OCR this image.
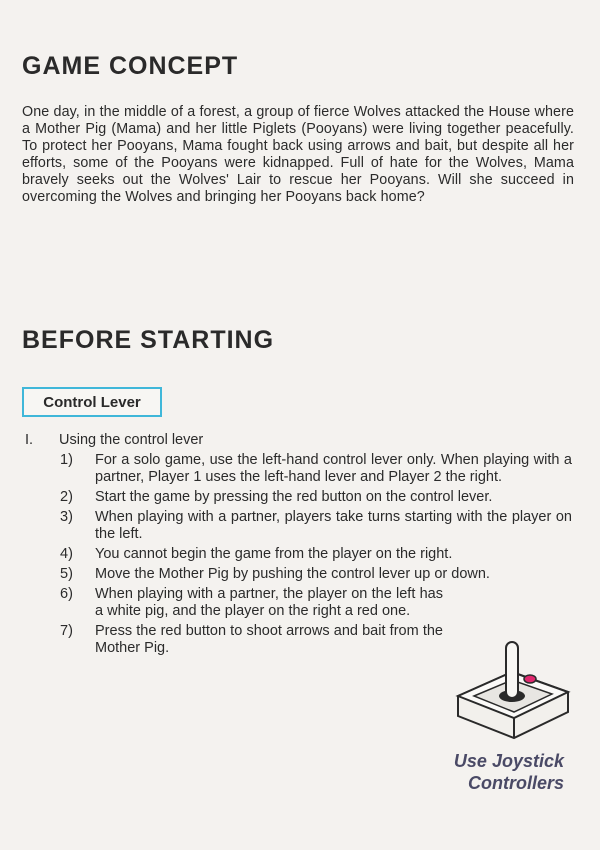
GAME CONCEPT

One day, in the middle of a forest, a group of fierce Wolves attacked the House where a Mother Pig (Mama) and her little Piglets (Pooyans) were living together peacefully. To protect her Pooyans, Mama fought back using arrows and bait, but despite all her efforts, some of the Pooyans were kidnapped. Full of hate for the Wolves, Mama bravely seeks out the Wolves' Lair to rescue her Pooyans. Will she succeed in overcoming the Wolves and bringing her Pooyans back home?

BEFORE STARTING
Control Lever
I. Using the control lever
1)	For a solo game, use the left-hand control lever only. When playing with a partner, Player 1 uses the left-hand lever and Player 2 the right.
2)	Start the game by pressing the red button on the control lever.
3)	When playing with a partner, players take turns starting with the player on the left.
4)	You cannot begin the game from the player on the right.
5)	Move the Mother Pig by pushing the control lever up or down.
6)	When playing with a partner, the player on the left has a white pig, and the player on the right a red one.
7)	Press the red button to shoot arrows and bait from the Mother Pig.
Use Joystick
Controllers
